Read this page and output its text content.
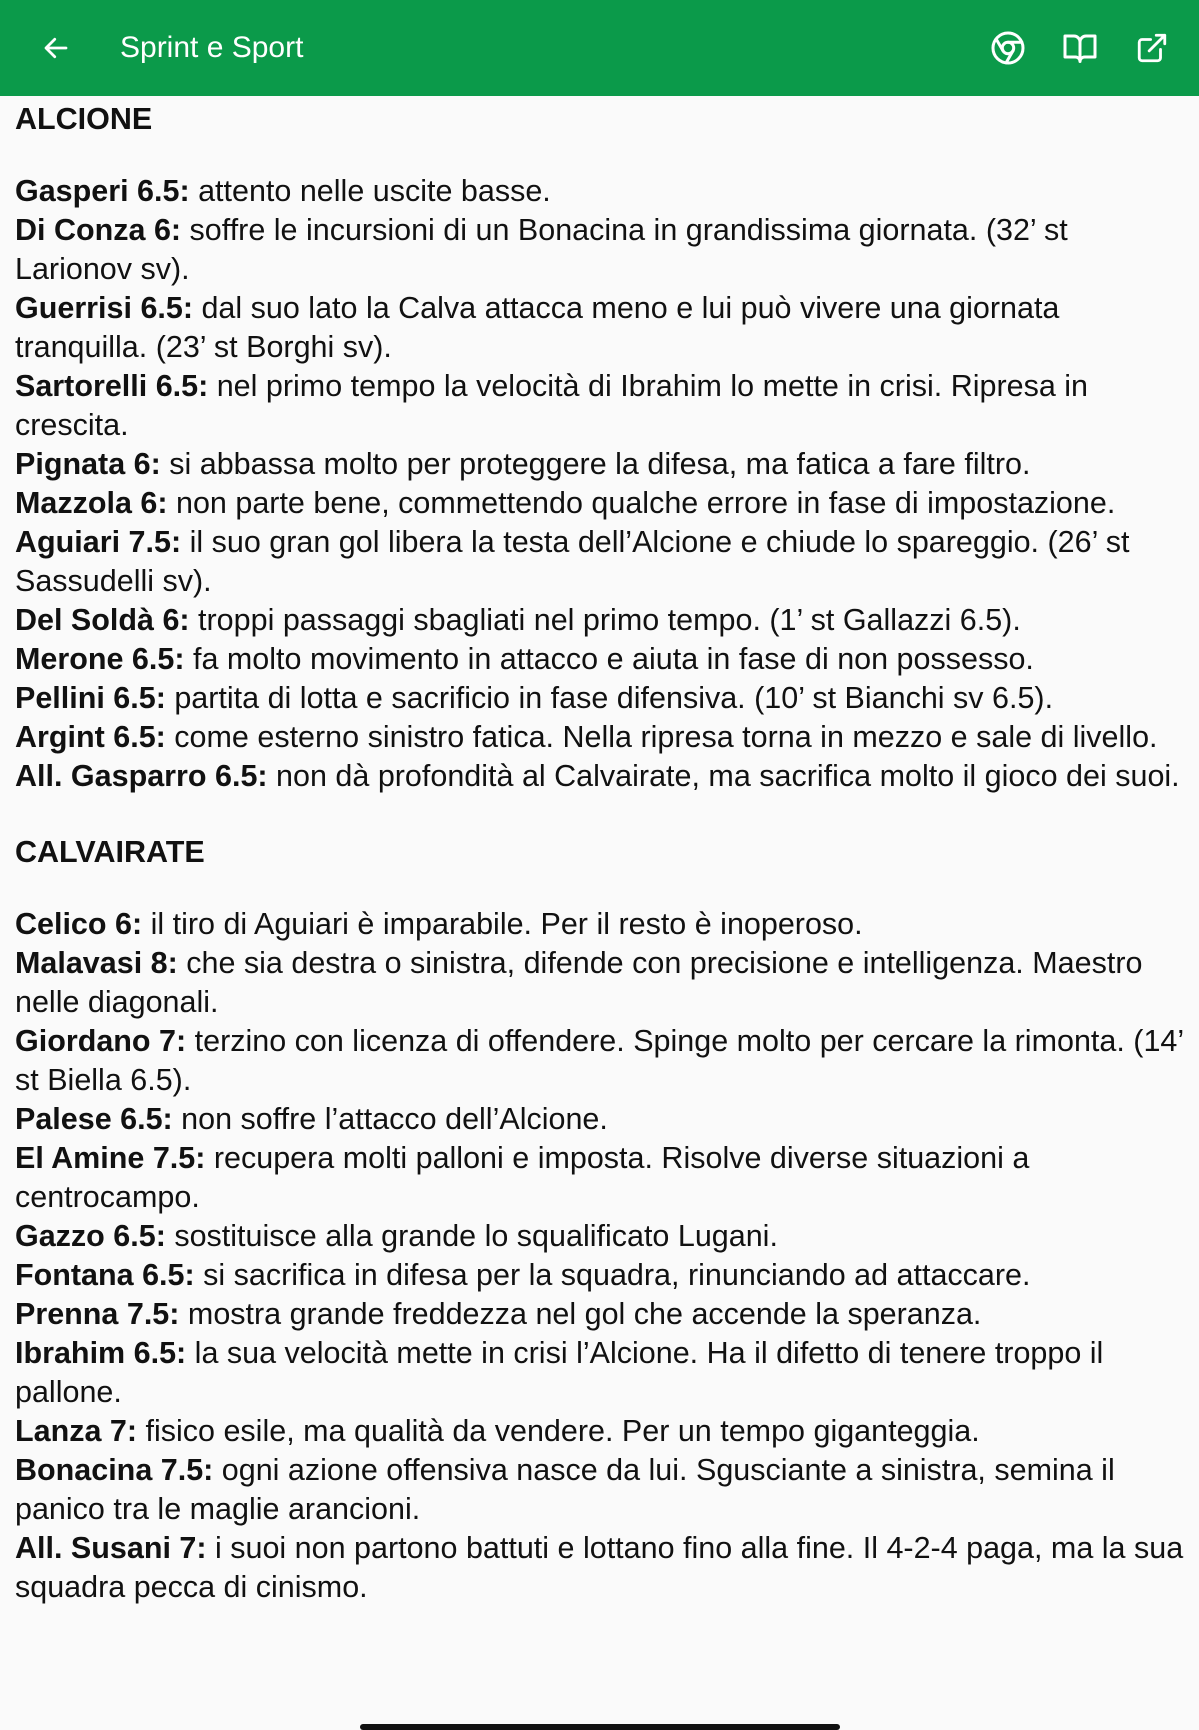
Sprint e Sport
ALCIONE

Gasperi 6.5: attento nelle uscite basse.

Di Conza 6: soffre le incursioni di un Bonacina in grandissima giornata. (32’ st Larionov sv).

Guerrisi 6.5: dal suo lato la Calva attacca meno e lui può vivere una giornata tranquilla. (23’ st Borghi sv).

Sartorelli 6.5: nel primo tempo la velocità di Ibrahim lo mette in crisi. Ripresa in crescita.

Pignata 6: si abbassa molto per proteggere la difesa, ma fatica a fare filtro.

Mazzola 6: non parte bene, commettendo qualche errore in fase di impostazione.

Aguiari 7.5: il suo gran gol libera la testa dell’Alcione e chiude lo spareggio. (26’ st Sassudelli sv).

Del Soldà 6: troppi passaggi sbagliati nel primo tempo. (1’ st Gallazzi 6.5).

Merone 6.5: fa molto movimento in attacco e aiuta in fase di non possesso.

Pellini 6.5: partita di lotta e sacrificio in fase difensiva. (10’ st Bianchi sv 6.5).

Argint 6.5: come esterno sinistro fatica. Nella ripresa torna in mezzo e sale di livello.

All. Gasparro 6.5: non dà profondità al Calvairate, ma sacrifica molto il gioco dei suoi.

CALVAIRATE

Celico 6: il tiro di Aguiari è imparabile. Per il resto è inoperoso.

Malavasi 8: che sia destra o sinistra, difende con precisione e intelligenza. Maestro nelle diagonali.

Giordano 7: terzino con licenza di offendere. Spinge molto per cercare la rimonta. (14’ st Biella 6.5).

Palese 6.5: non soffre l’attacco dell’Alcione.

El Amine 7.5: recupera molti palloni e imposta. Risolve diverse situazioni a centrocampo.

Gazzo 6.5: sostituisce alla grande lo squalificato Lugani.

Fontana 6.5: si sacrifica in difesa per la squadra, rinunciando ad attaccare.

Prenna 7.5: mostra grande freddezza nel gol che accende la speranza.

Ibrahim 6.5: la sua velocità mette in crisi l’Alcione. Ha il difetto di tenere troppo il pallone.

Lanza 7: fisico esile, ma qualità da vendere. Per un tempo giganteggia.

Bonacina 7.5: ogni azione offensiva nasce da lui. Sgusciante a sinistra, semina il panico tra le maglie arancioni.

All. Susani 7: i suoi non partono battuti e lottano fino alla fine. Il 4-2-4 paga, ma la sua squadra pecca di cinismo.
